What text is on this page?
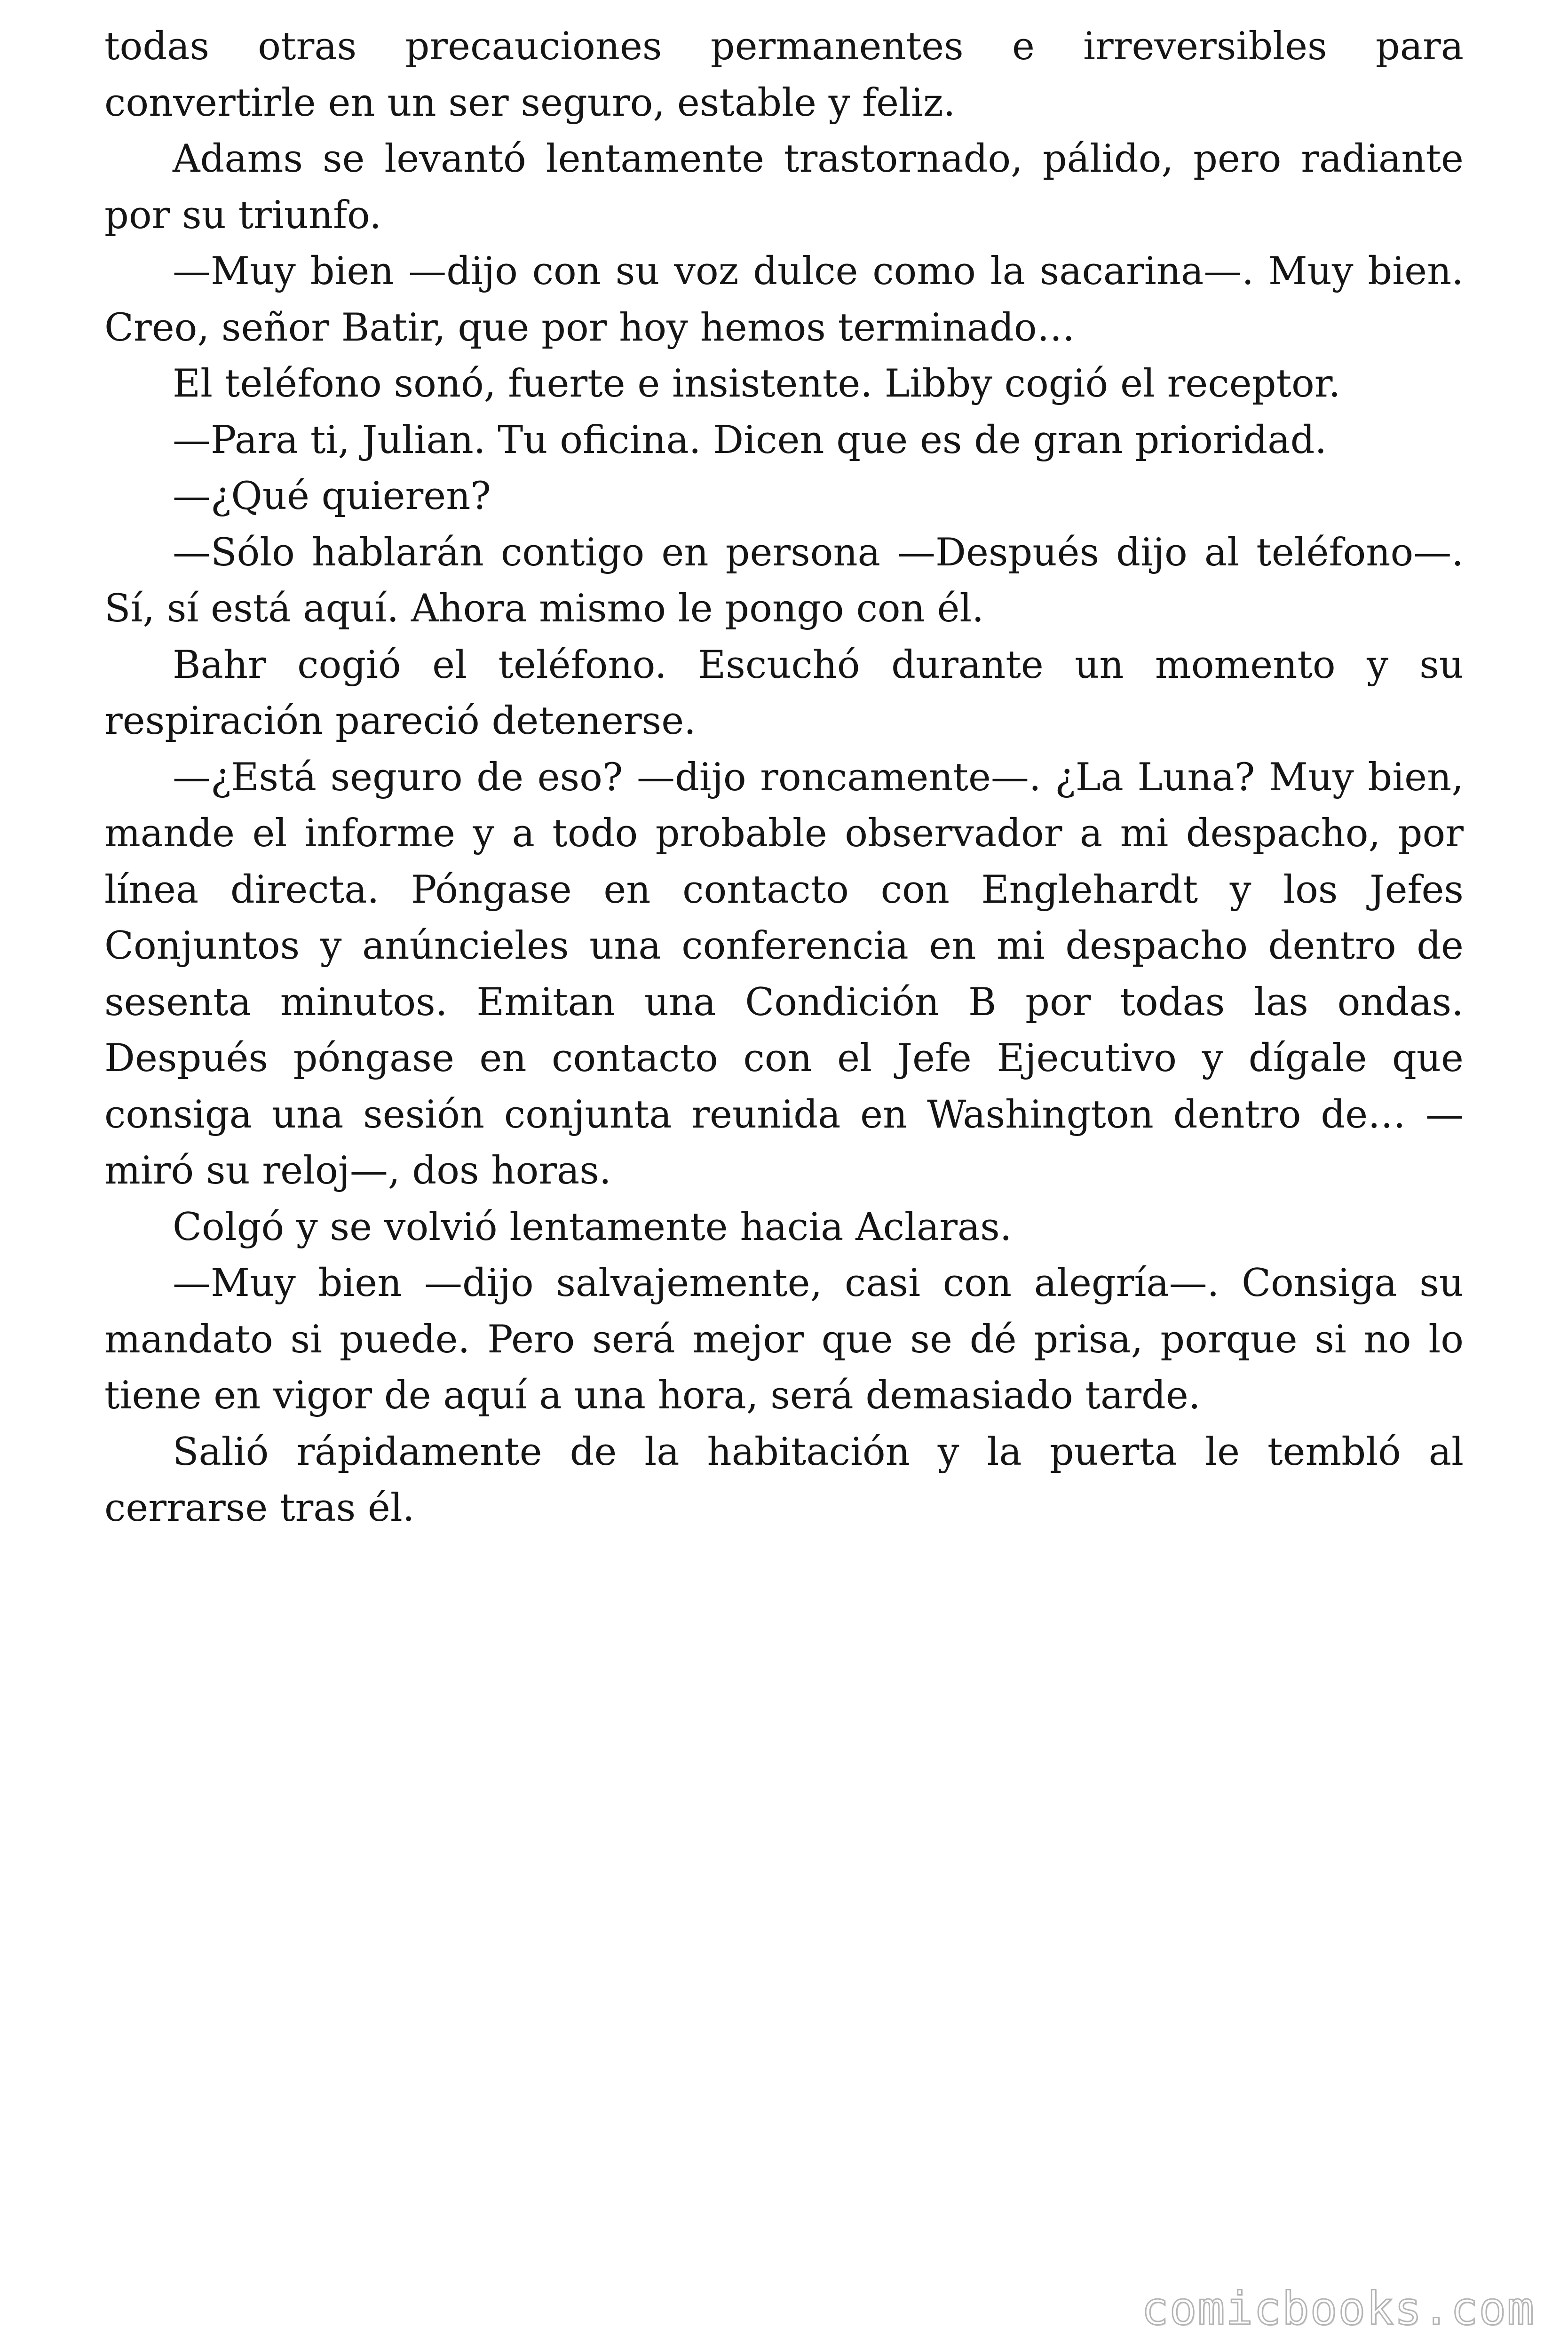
todas otras precauciones permanentes e irreversibles para convertirle en un ser seguro, estable y feliz.

Adams se levantó lentamente trastornado, pálido, pero radiante por su triunfo.

—Muy bien —dijo con su voz dulce como la sacarina—. Muy bien. Creo, señor Batir, que por hoy hemos terminado…

El teléfono sonó, fuerte e insistente. Libby cogió el receptor.

—Para ti, Julian. Tu oficina. Dicen que es de gran prioridad.

—¿Qué quieren?

—Sólo hablarán contigo en persona —Después dijo al teléfono—. Sí, sí está aquí. Ahora mismo le pongo con él.

Bahr cogió el teléfono. Escuchó durante un momento y su respiración pareció detenerse.

—¿Está seguro de eso? —dijo roncamente—. ¿La Luna? Muy bien, mande el informe y a todo probable observador a mi despacho, por línea directa. Póngase en contacto con Englehardt y los Jefes Conjuntos y anúncieles una conferencia en mi despacho dentro de sesenta minutos. Emitan una Condición B por todas las ondas. Después póngase en contacto con el Jefe Ejecutivo y dígale que consiga una sesión conjunta reunida en Washington dentro de… —miró su reloj—, dos horas.

Colgó y se volvió lentamente hacia Aclaras.

—Muy bien —dijo salvajemente, casi con alegría—. Consiga su mandato si puede. Pero será mejor que se dé prisa, porque si no lo tiene en vigor de aquí a una hora, será demasiado tarde.

Salió rápidamente de la habitación y la puerta le tembló al cerrarse tras él.

comicbooks.com
